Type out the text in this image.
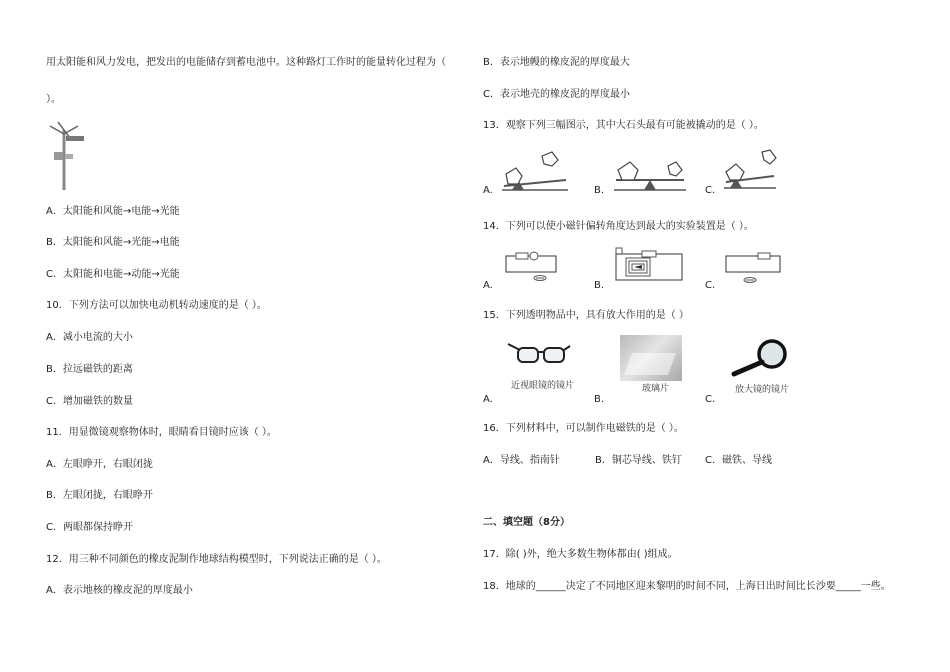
用太阳能和风力发电，把发出的电能储存到蓄电池中。这种路灯工作时的能量转化过程为（
）。
A．太阳能和风能→电能→光能
B．太阳能和风能→光能→电能
C．太阳能和电能→动能→光能
10．下列方法可以加快电动机转动速度的是（ ）。
A．减小电流的大小
B．拉远磁铁的距离
C．增加磁铁的数量
11．用显微镜观察物体时，眼睛看目镜时应该（ ）。
A．左眼睁开，右眼闭拢
B．左眼闭拢，右眼睁开
C．两眼都保持睁开
12．用三种不同颜色的橡皮泥制作地球结构模型时，下列说法正确的是（ ）。
A．表示地核的橡皮泥的厚度最小
B．表示地幔的橡皮泥的厚度最大
C．表示地壳的橡皮泥的厚度最小
13．观察下列三幅图示，其中大石头最有可能被撬动的是（ ）。
A.	B.	C.
14．下列可以使小磁针偏转角度达到最大的实验装置是（ ）。
A.	B.	C.
15．下列透明物品中，具有放大作用的是（ ）
近视眼镜的镜片
A.
玻璃片
B.
放大镜的镜片
C.
16．下列材料中，可以制作电磁铁的是（ ）。
A．导线、指南针	B．铜芯导线、铁钉 C．磁铁、导线
二、填空题（8分）
17．除( )外，绝大多数生物体都由( )组成。
18．地球的______决定了不同地区迎来黎明的时间不同，上海日出时间比长沙要_____一些。
